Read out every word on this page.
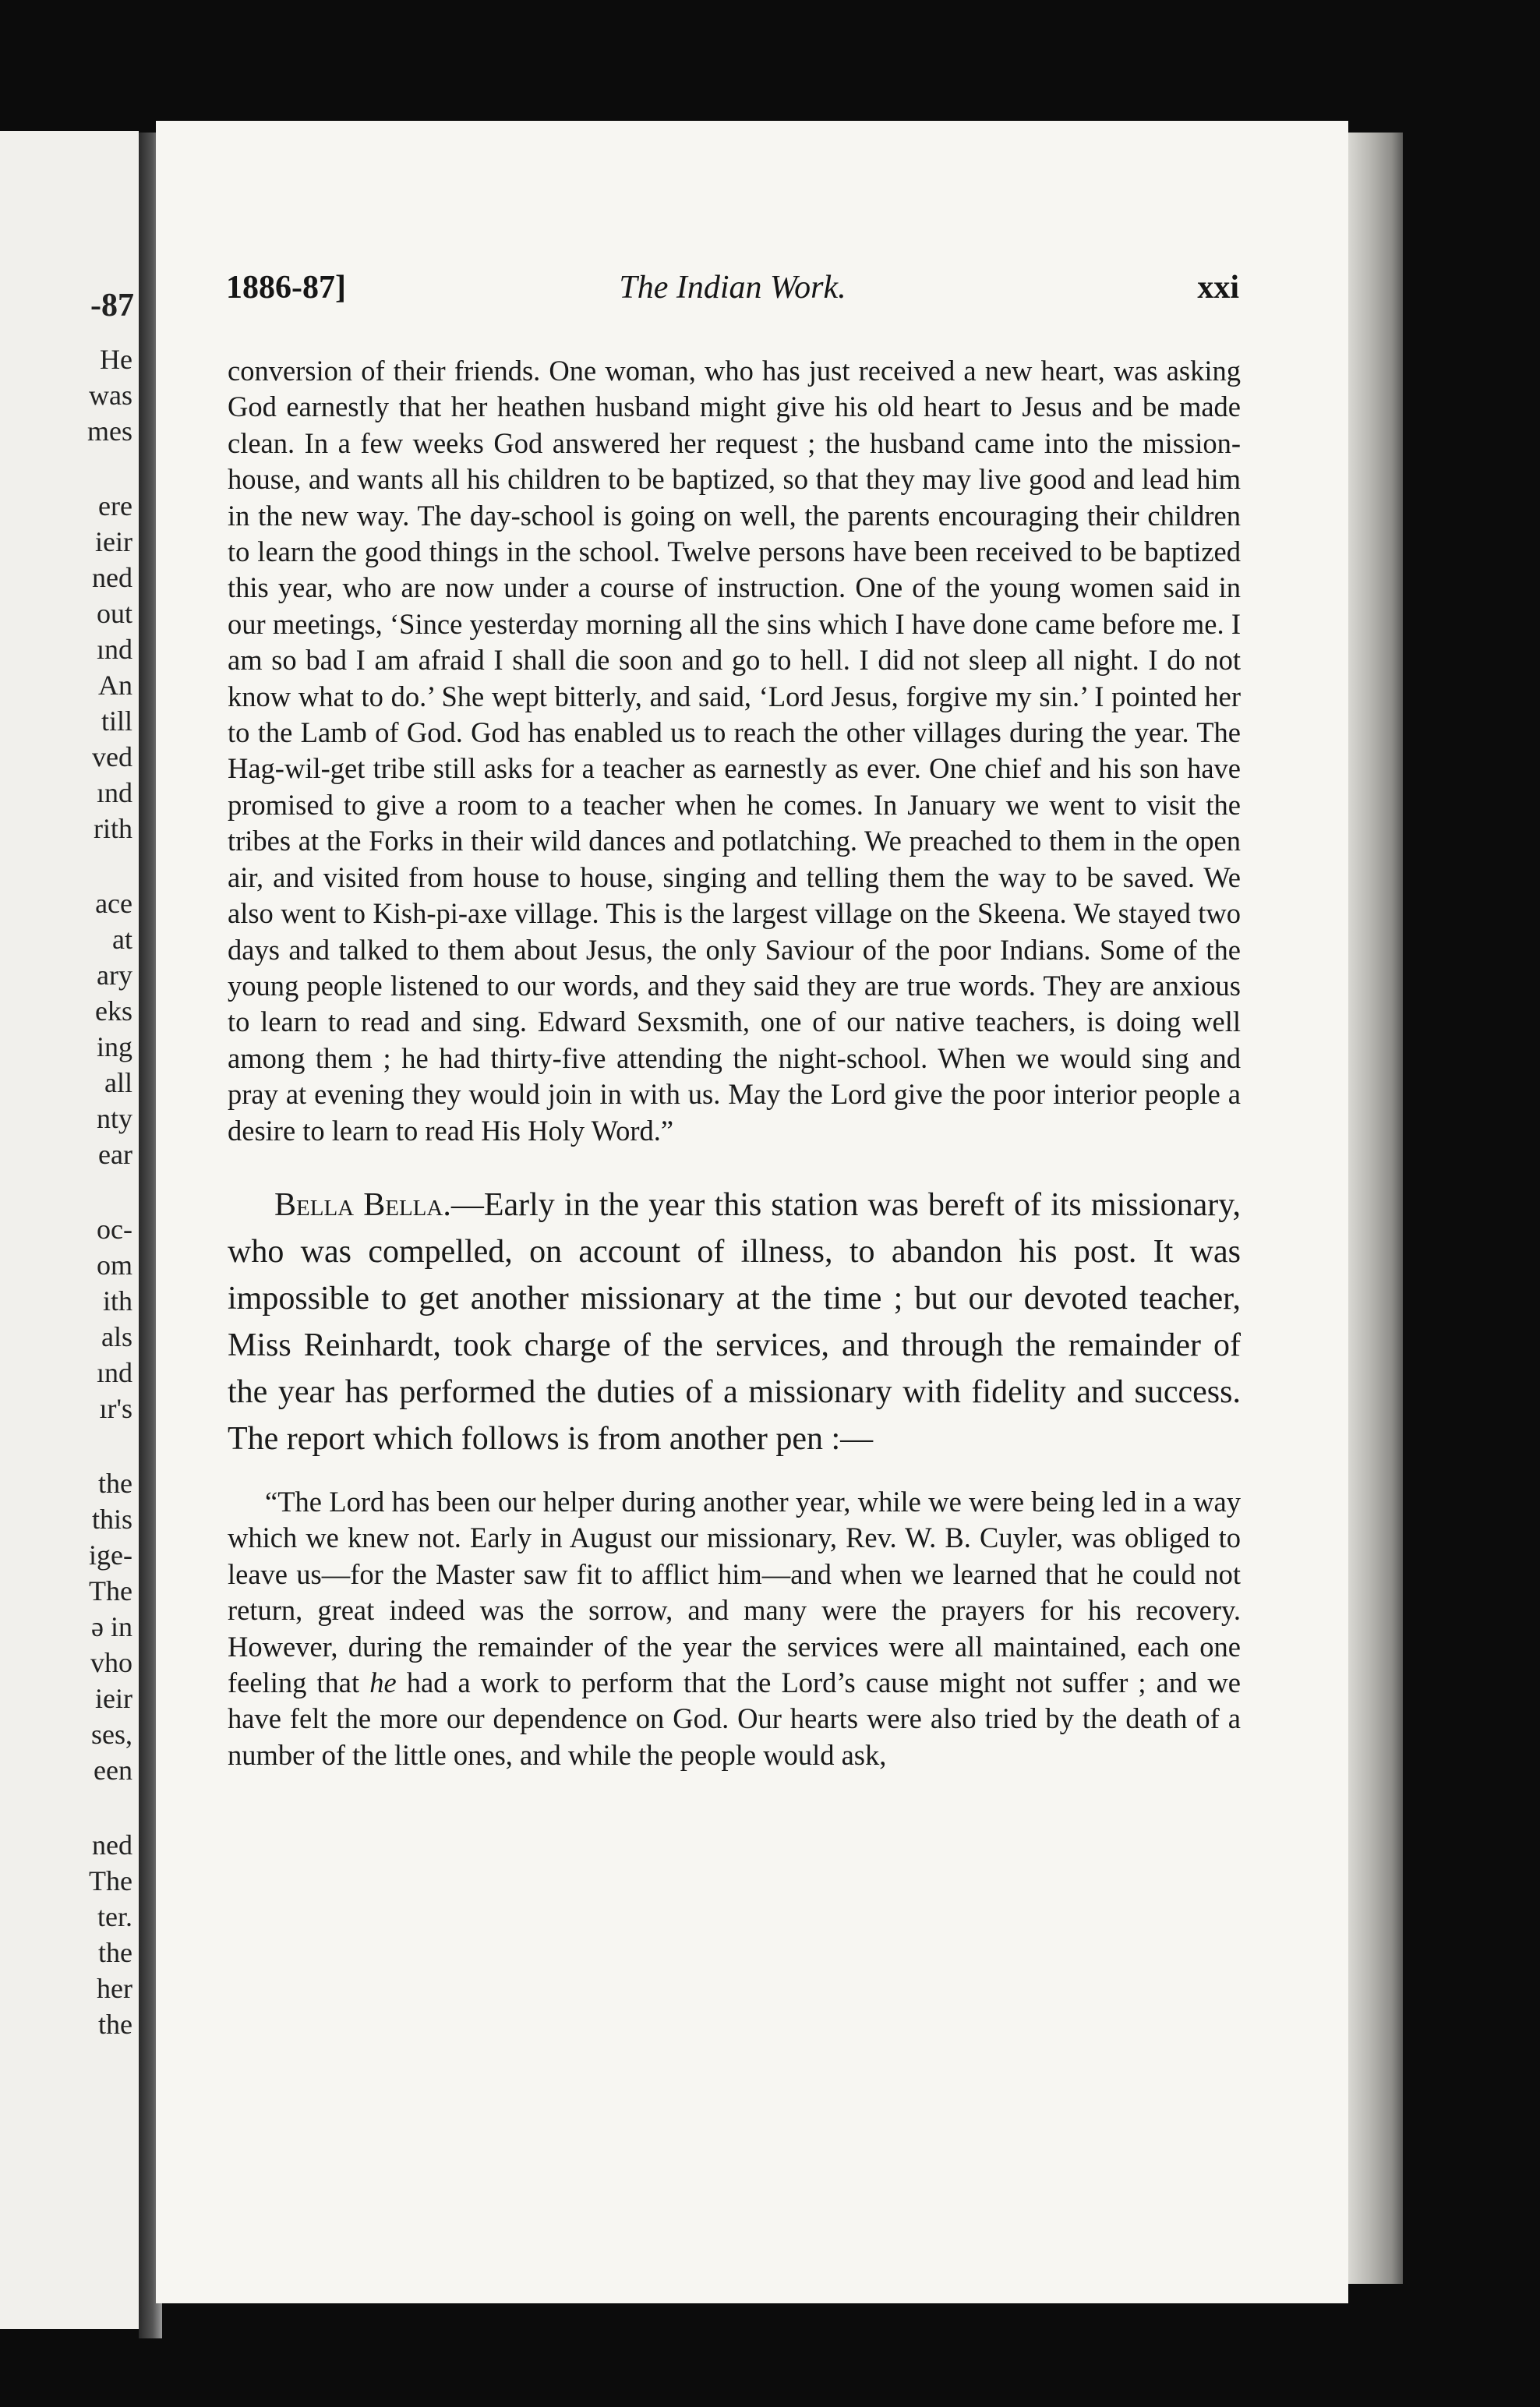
-87
He
was
mes
ere
ieir
ned
out
ınd
An
till
ved
ınd
rith
ace
at
ary
eks
ing
all
nty
ear
oc-
om
ith
als
ınd
ır's
the
this
ige-
The
ə in
vho
ieir
ses,
een
ned
The
ter.
the
her
the
1886-87]	The Indian Work.	xxi

conversion of their friends. One woman, who has just received a new heart, was asking God earnestly that her heathen husband might give his old heart to Jesus and be made clean. In a few weeks God answered her request ; the husband came into the mission-house, and wants all his children to be baptized, so that they may live good and lead him in the new way. The day-school is going on well, the parents encouraging their children to learn the good things in the school. Twelve persons have been received to be baptized this year, who are now under a course of instruction. One of the young women said in our meetings, ‘Since yesterday morning all the sins which I have done came before me. I am so bad I am afraid I shall die soon and go to hell. I did not sleep all night. I do not know what to do.’ She wept bitterly, and said, ‘Lord Jesus, forgive my sin.’ I pointed her to the Lamb of God. God has enabled us to reach the other villages during the year. The Hag-wil-get tribe still asks for a teacher as earnestly as ever. One chief and his son have promised to give a room to a teacher when he comes. In January we went to visit the tribes at the Forks in their wild dances and potlatching. We preached to them in the open air, and visited from house to house, singing and telling them the way to be saved. We also went to Kish-pi-axe village. This is the largest village on the Skeena. We stayed two days and talked to them about Jesus, the only Saviour of the poor Indians. Some of the young people listened to our words, and they said they are true words. They are anxious to learn to read and sing. Edward Sexsmith, one of our native teachers, is doing well among them ; he had thirty-five attending the night-school. When we would sing and pray at evening they would join in with us. May the Lord give the poor interior people a desire to learn to read His Holy Word.”

Bella Bella.—Early in the year this station was bereft of its missionary, who was compelled, on account of illness, to abandon his post. It was impossible to get another missionary at the time ; but our devoted teacher, Miss Reinhardt, took charge of the services, and through the remainder of the year has performed the duties of a missionary with fidelity and success. The report which follows is from another pen :—

“The Lord has been our helper during another year, while we were being led in a way which we knew not. Early in August our missionary, Rev. W. B. Cuyler, was obliged to leave us—for the Master saw fit to afflict him—and when we learned that he could not return, great indeed was the sorrow, and many were the prayers for his recovery. However, during the remainder of the year the services were all maintained, each one feeling that he had a work to perform that the Lord’s cause might not suffer ; and we have felt the more our dependence on God. Our hearts were also tried by the death of a number of the little ones, and while the people would ask,
